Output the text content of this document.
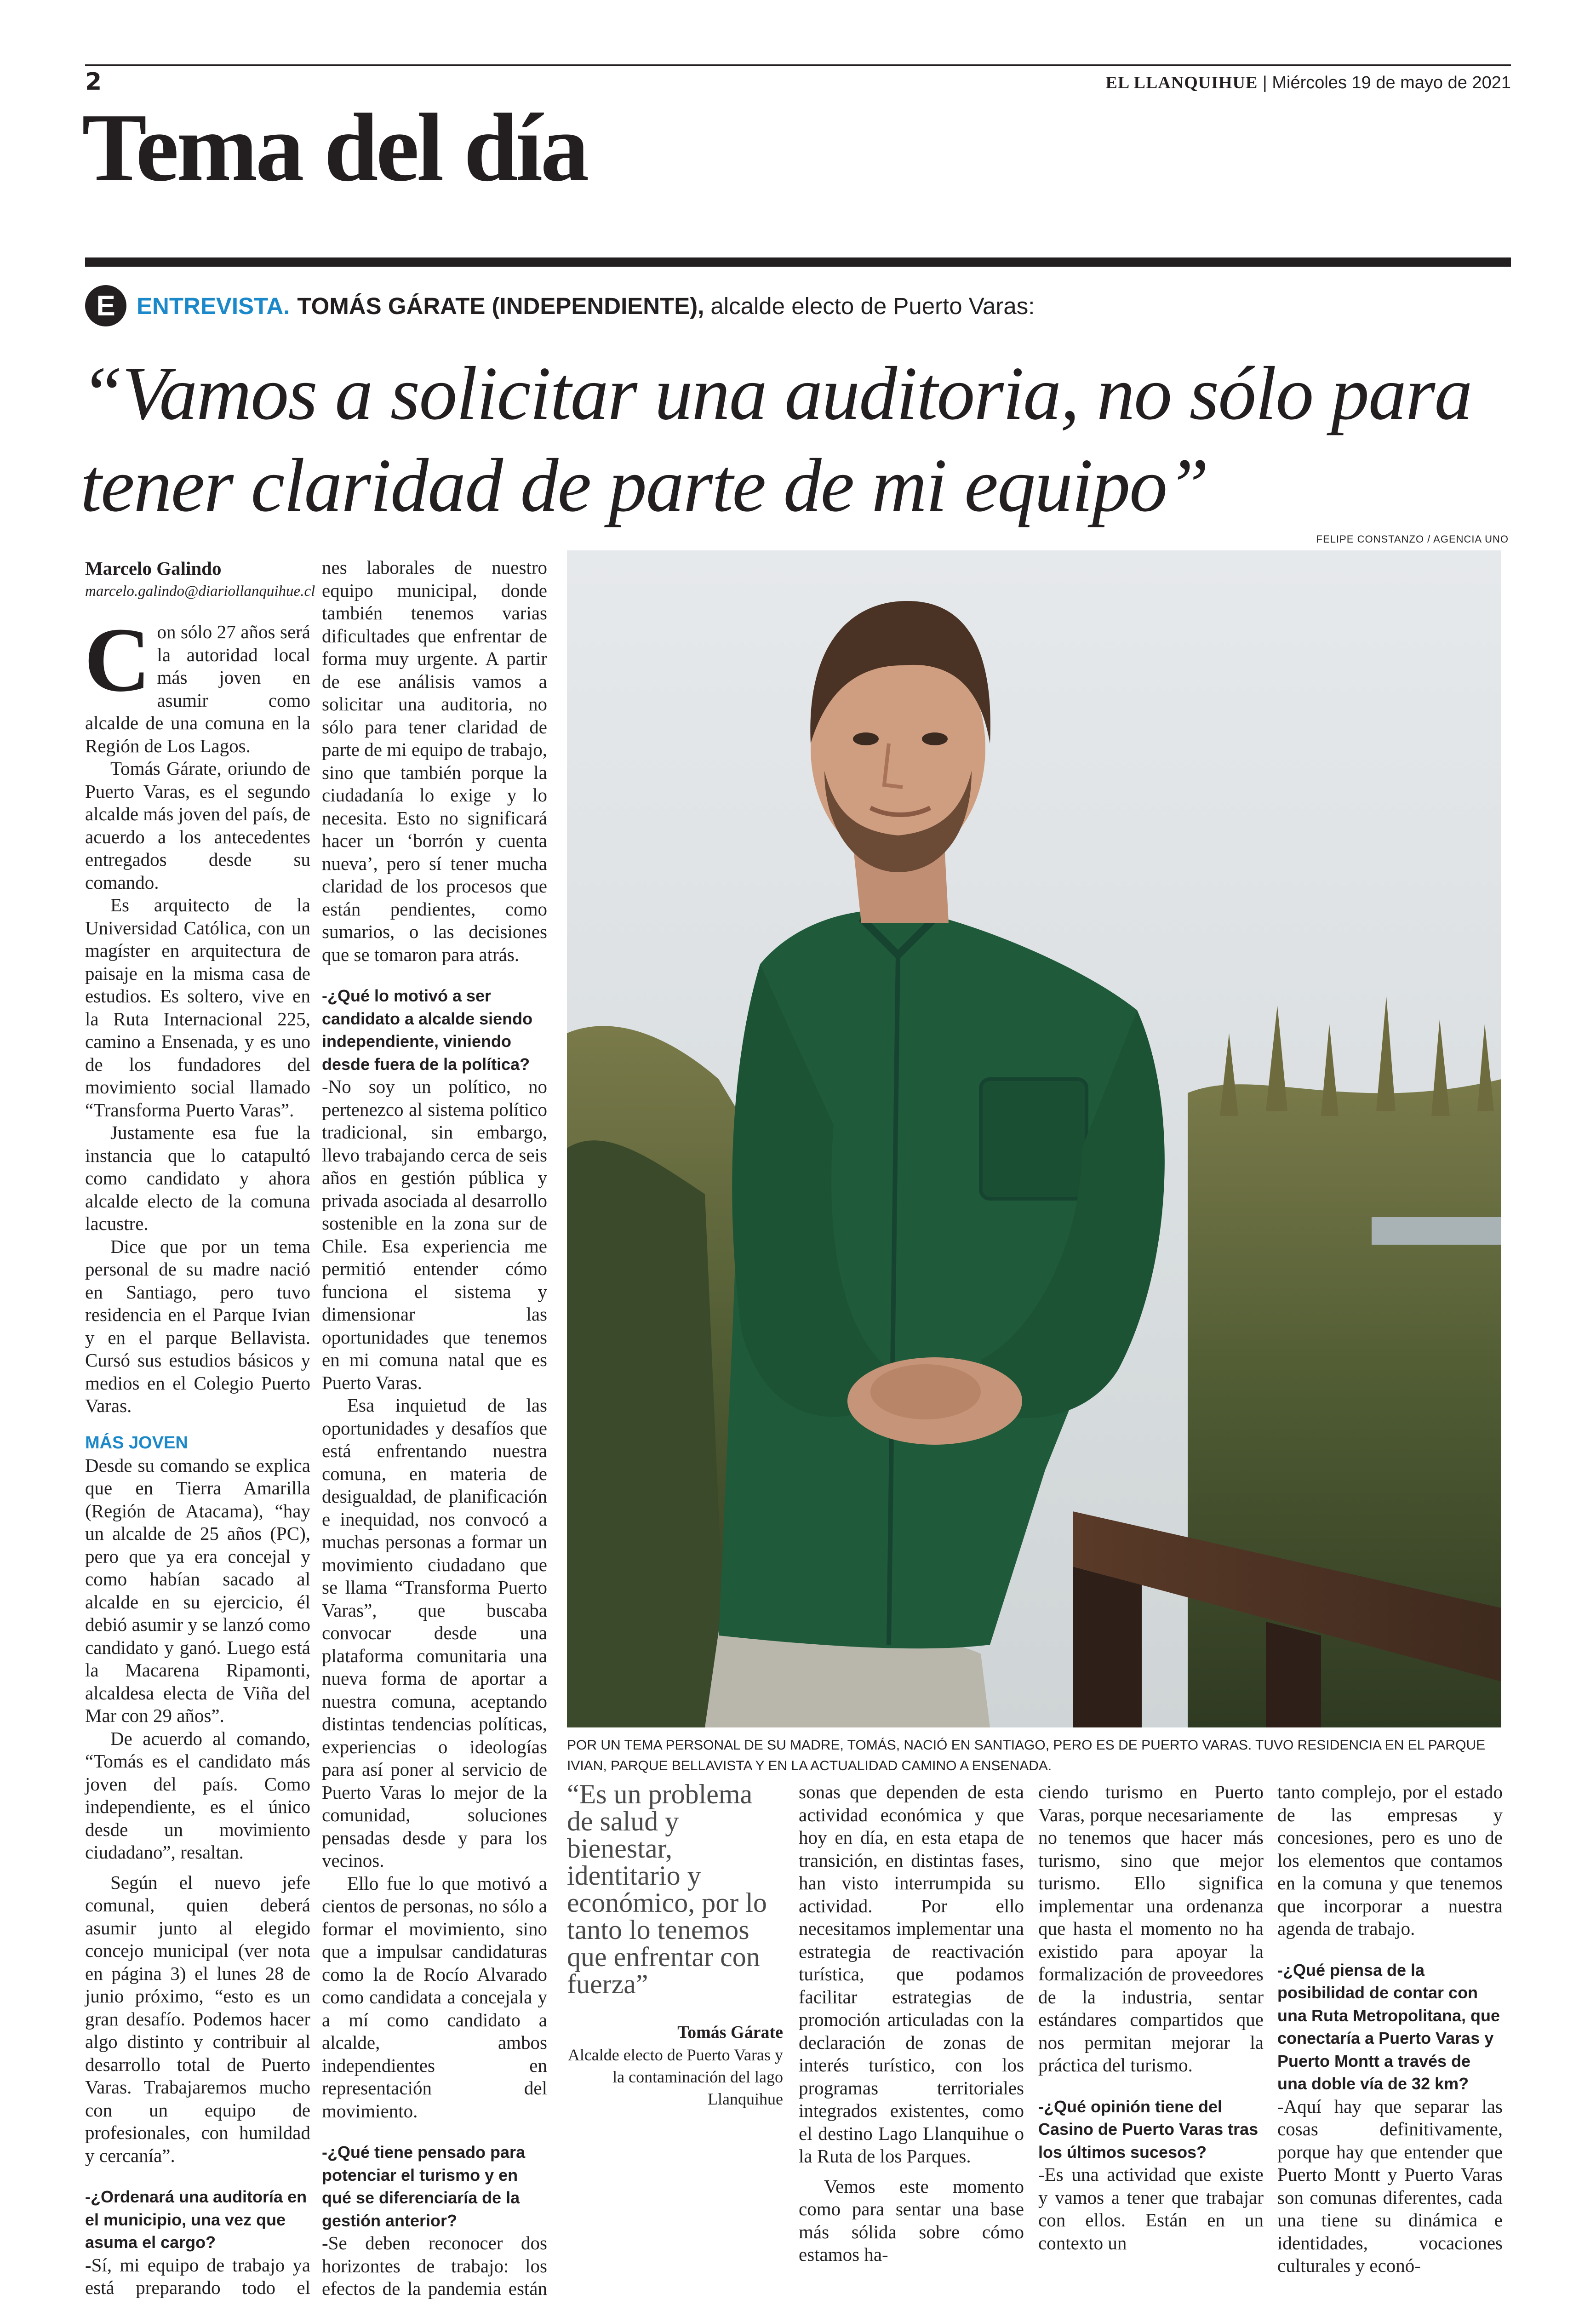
2	EL LLANQUIHUE | Miércoles 19 de mayo de 2021
Tema del día
E ENTREVISTA. TOMÁS GÁRATE (INDEPENDIENTE), alcalde electo de Puerto Varas:
“Vamos a solicitar una auditoria, no sólo para tener claridad de parte de mi equipo”
FELIPE CONSTANZO / AGENCIA UNO
POR UN TEMA PERSONAL DE SU MADRE, TOMÁS, NACIÓ EN SANTIAGO, PERO ES DE PUERTO VARAS. TUVO RESIDENCIA EN EL PARQUE IVIAN, PARQUE BELLAVISTA Y EN LA ACTUALIDAD CAMINO A ENSENADA.
Marcelo Galindo
marcelo.galindo@diariollanquihue.cl

Con sólo 27 años será la autoridad local más joven en asumir como alcalde de una comuna en la Región de Los Lagos.

Tomás Gárate, oriundo de Puerto Varas, es el segundo alcalde más joven del país, de acuerdo a los antecedentes entregados desde su comando.

Es arquitecto de la Universidad Católica, con un magíster en arquitectura de paisaje en la misma casa de estudios. Es soltero, vive en la Ruta Internacional 225, camino a Ensenada, y es uno de los fundadores del movimiento social llamado “Transforma Puerto Varas”.

Justamente esa fue la instancia que lo catapultó como candidato y ahora alcalde electo de la comuna lacustre.

Dice que por un tema personal de su madre nació en Santiago, pero tuvo residencia en el Parque Ivian y en el parque Bellavista. Cursó sus estudios básicos y medios en el Colegio Puerto Varas.

MÁS JOVEN

Desde su comando se explica que en Tierra Amarilla (Región de Atacama), “hay un alcalde de 25 años (PC), pero que ya era concejal y como habían sacado al alcalde en su ejercicio, él debió asumir y se lanzó como candidato y ganó. Luego está la Macarena Ripamonti, alcaldesa electa de Viña del Mar con 29 años”.

De acuerdo al comando, “Tomás es el candidato más joven del país. Como independiente, es el único desde un movimiento ciudadano”, resaltan.

Según el nuevo jefe comunal, quien deberá asumir junto al elegido concejo municipal (ver nota en página 3) el lunes 28 de junio próximo, “esto es un gran desafío. Podemos hacer algo distinto y contribuir al desarrollo total de Puerto Varas. Trabajaremos mucho con un equipo de profesionales, con humildad y cercanía”.

-¿Ordenará una auditoría en el municipio, una vez que asuma el cargo?

-Sí, mi equipo de trabajo ya está preparando todo el

nes laborales de nuestro equipo municipal, donde también tenemos varias dificultades que enfrentar de forma muy urgente. A partir de ese análisis vamos a solicitar una auditoria, no sólo para tener claridad de parte de mi equipo de trabajo, sino que también porque la ciudadanía lo exige y lo necesita. Esto no significará hacer un ‘borrón y cuenta nueva’, pero sí tener mucha claridad de los procesos que están pendientes, como sumarios, o las decisiones que se tomaron para atrás.

-¿Qué lo motivó a ser candidato a alcalde siendo independiente, viniendo desde fuera de la política?

-No soy un político, no pertenezco al sistema político tradicional, sin embargo, llevo trabajando cerca de seis años en gestión pública y privada asociada al desarrollo sostenible en la zona sur de Chile. Esa experiencia me permitió entender cómo funciona el sistema y dimensionar las oportunidades que tenemos en mi comuna natal que es Puerto Varas.

Esa inquietud de las oportunidades y desafíos que está enfrentando nuestra comuna, en materia de desigualdad, de planificación e inequidad, nos convocó a muchas personas a formar un movimiento ciudadano que se llama “Transforma Puerto Varas”, que buscaba convocar desde una plataforma comunitaria una nueva forma de aportar a nuestra comuna, aceptando distintas tendencias políticas, experiencias o ideologías para así poner al servicio de Puerto Varas lo mejor de la comunidad, soluciones pensadas desde y para los vecinos.

Ello fue lo que motivó a cientos de personas, no sólo a formar el movimiento, sino que a impulsar candidaturas como la de Rocío Alvarado como candidata a concejala y a mí como candidato a alcalde, ambos independientes en representación del movimiento.

-¿Qué tiene pensado para potenciar el turismo y en qué se diferenciaría de la gestión anterior?

-Se deben reconocer dos horizontes de trabajo: los efectos de la pandemia están

“Es un problema de salud y bienestar, identitario y económico, por lo tanto lo tenemos que enfrentar con fuerza”
Tomás Gárate
Alcalde electo de Puerto Varas y la contaminación del lago Llanquihue

sonas que dependen de esta actividad económica y que hoy en día, en esta etapa de transición, en distintas fases, han visto interrumpida su actividad. Por ello necesitamos implementar una estrategia de reactivación turística, que podamos facilitar estrategias de promoción articuladas con la declaración de zonas de interés turístico, con los programas territoriales integrados existentes, como el destino Lago Llanquihue o la Ruta de los Parques.

Vemos este momento como para sentar una base más sólida sobre cómo estamos ha-

ciendo turismo en Puerto Varas, porque necesariamente no tenemos que hacer más turismo, sino que mejor turismo. Ello significa implementar una ordenanza que hasta el momento no ha existido para apoyar la formalización de proveedores de la industria, sentar estándares compartidos que nos permitan mejorar la práctica del turismo.

-¿Qué opinión tiene del Casino de Puerto Varas tras los últimos sucesos?

-Es una actividad que existe y vamos a tener que trabajar con ellos. Están en un contexto un

tanto complejo, por el estado de las empresas y concesiones, pero es uno de los elementos que contamos en la comuna y que tenemos que incorporar a nuestra agenda de trabajo.

-¿Qué piensa de la posibilidad de contar con una Ruta Metropolitana, que conectaría a Puerto Varas y Puerto Montt a través de una doble vía de 32 km?

-Aquí hay que separar las cosas definitivamente, porque hay que entender que Puerto Montt y Puerto Varas son comunas diferentes, cada una tiene su dinámica e identidades, vocaciones culturales y econó-
